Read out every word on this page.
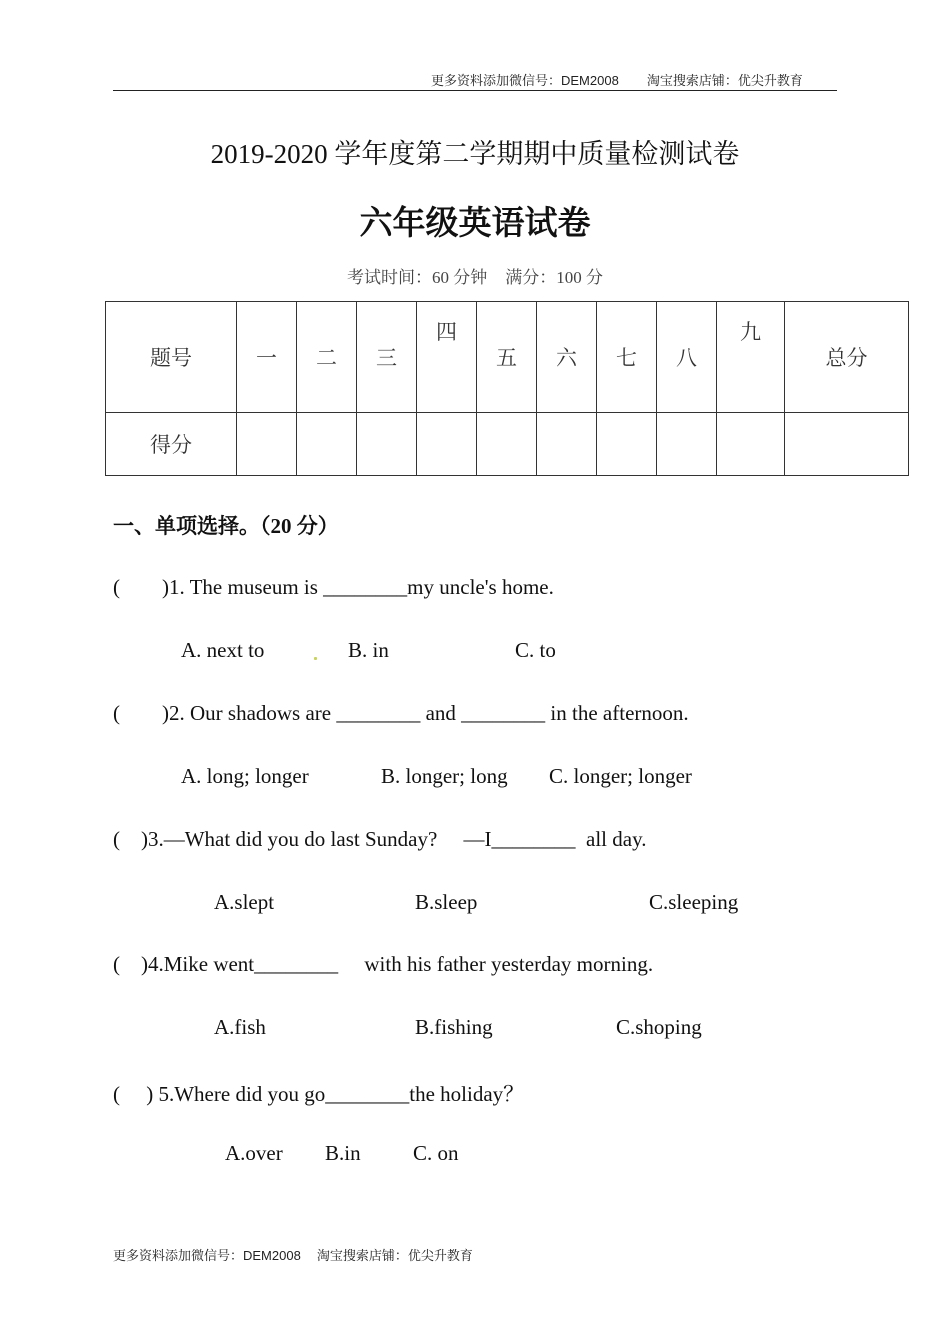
更多资料添加微信号：DEM2008 淘宝搜索店铺：优尖升教育
2019-2020 学年度第二学期期中质量检测试卷
六年级英语试卷
考试时间：60 分钟 满分：100 分
题号	一	二	三	四	五	六	七	八	九	总分
得分										
一、单项选择。（20 分）
(        )1. The museum is ________my uncle's home.
A. next to	B. in	C. to
(        )2. Our shadows are ________ and ________ in the afternoon.
A. long; longer	B. longer; long C. longer; longer
(    )3.—What did you do last Sunday?     —I________  all day.
A.slept	B.sleep	C.sleeping
(    )4.Mike went________     with his father yesterday morning.
A.fish	B.fishing	C.shoping
(     ) 5.Where did you go________the holiday？
A.over B.in C. on
更多资料添加微信号：DEM2008 淘宝搜索店铺：优尖升教育
